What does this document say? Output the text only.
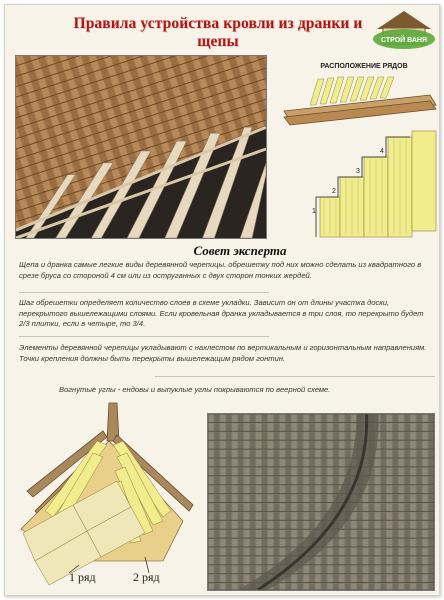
Правила устройства кровли из дранки и щепы	СТРОЙ ВАНЯ
РАСПОЛОЖЕНИЕ РЯДОВ
1
2
3
4
Совет эксперта
Щепа и дранка самые легкие виды деревянной черепицы. обрешетку под них можно сделать из квадратного в срезе бруса со стороной 4 см или из оструганных с двух сторон тонких жердей.
Шаг обрешетки определяет количество слоев в схеме укладки. Зависит он от длины участка доски, перекрытого вышележащими слоями. Если кровельная дранка укладывается в три слоя, то перекрыто будет 2/3 плитки, если в четыре, то 3/4.
Элементы деревянной черепицы укладывают с нахлестом по вертикальным и горизонтальным направлениям. Точки крепления должны быть перекрыты вышележащим рядом гонтин.
Вогнутые углы - ендовы и выпуклые углы покрываются по веерной схеме.
1 ряд	2 ряд
